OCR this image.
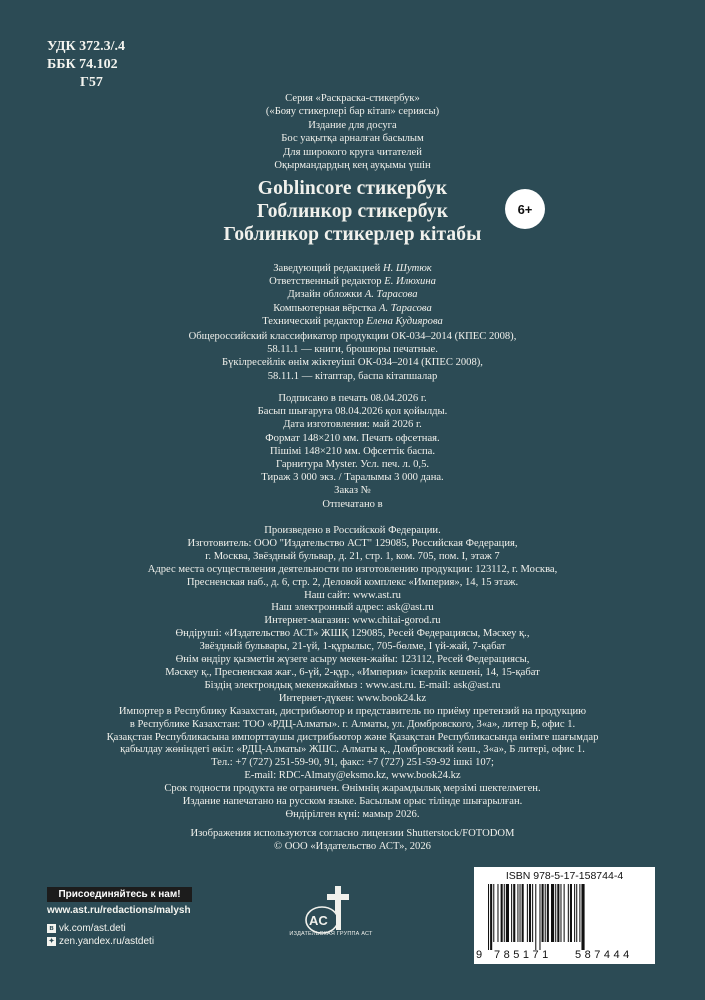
УДК 372.3/.4
ББК 74.102
Г57
Серия «Раскраска-стикербук»
(«Бояу стикерлері бар кітап» сериясы)
Издание для досуга
Бос уақытқа арналған басылым
Для широкого круга читателей
Оқырмандардың кең ауқымы үшін
Goblincore стикербук
Гоблинкор стикербук
Гоблинкор стикерлер кітабы
6+
Заведующий редакцией Н. Шутюк
Ответственный редактор Е. Илюхина
Дизайн обложки А. Тарасова
Компьютерная вёрстка А. Тарасова
Технический редактор Елена Кудиярова
Общероссийский классификатор продукции ОК-034–2014 (КПЕС 2008),
58.11.1 — книги, брошюры печатные.
Бүкілресейлік өнім жіктеуіші ОК-034–2014 (КПЕС 2008),
58.11.1 — кітаптар, баспа кітапшалар
Подписано в печать 08.04.2026 г.
Басып шығаруға 08.04.2026 қол қойылды.
Дата изготовления: май 2026 г.
Формат 148×210 мм. Печать офсетная.
Пішімі 148×210 мм. Офсеттік баспа.
Гарнитура Myster. Усл. печ. л. 0,5.
Тираж 3 000 экз. / Таралымы 3 000 дана.
Заказ №
Отпечатано в
Произведено в Российской Федерации.
Изготовитель: ООО "Издательство АСТ" 129085, Российская Федерация,
г. Москва, Звёздный бульвар, д. 21, стр. 1, ком. 705, пом. I, этаж 7
Адрес места осуществления деятельности по изготовлению продукции: 123112, г. Москва,
Пресненская наб., д. 6, стр. 2, Деловой комплекс «Империя», 14, 15 этаж.
Наш сайт: www.ast.ru
Наш электронный адрес: ask@ast.ru
Интернет-магазин: www.chitai-gorod.ru
Өндіруші: «Издательство АСТ» ЖШҚ 129085, Ресей Федерациясы, Мәскеу қ.,
Звёздный бульвары, 21-үй, 1-құрылыс, 705-бөлме, I үй-жай, 7-қабат
Өнім өндіру қызметін жүзеге асыру мекен-жайы: 123112, Ресей Федерациясы,
Мәскеу қ., Пресненская жағ., 6-үй, 2-құр., «Империя» іскерлік кешені, 14, 15-қабат
Біздің электрондық мекенжаймыз : www.ast.ru. E-mail: ask@ast.ru
Интернет-дүкен: www.book24.kz
Импортер в Республику Казахстан, дистрибьютор и представитель по приёму претензий на продукцию
в Республике Казахстан: ТОО «РДЦ-Алматы». г. Алматы, ул. Домбровского, 3«а», литер Б, офис 1.
Қазақстан Республикасына импорттаушы дистрибьютор және Қазақстан Республикасында өнімге шағымдар
қабылдау жөніндегі өкіл: «РДЦ-Алматы» ЖШС. Алматы қ., Домбровский көш., 3«а», Б литері, офис 1.
Тел.: +7 (727) 251-59-90, 91, факс: +7 (727) 251-59-92 ішкі 107;
E-mail: RDC-Almaty@eksmo.kz, www.book24.kz
Срок годности продукта не ограничен. Өнімнің жарамдылық мерзімі шектелмеген.
Издание напечатано на русском языке. Басылым орыс тілінде шығарылған.
Өндірілген күні: мамыр 2026.
Изображения используются согласно лицензии Shutterstock/FOTODOM
© ООО «Издательство АСТ», 2026
Присоединяйтесь к нам!
www.ast.ru/redactions/malysh
в vk.com/ast.deti
✦ zen.yandex.ru/astdeti
AC
ИЗДАТЕЛЬСКАЯ ГРУППА АСТ
ISBN 978-5-17-158744-4
9 785171 587444
